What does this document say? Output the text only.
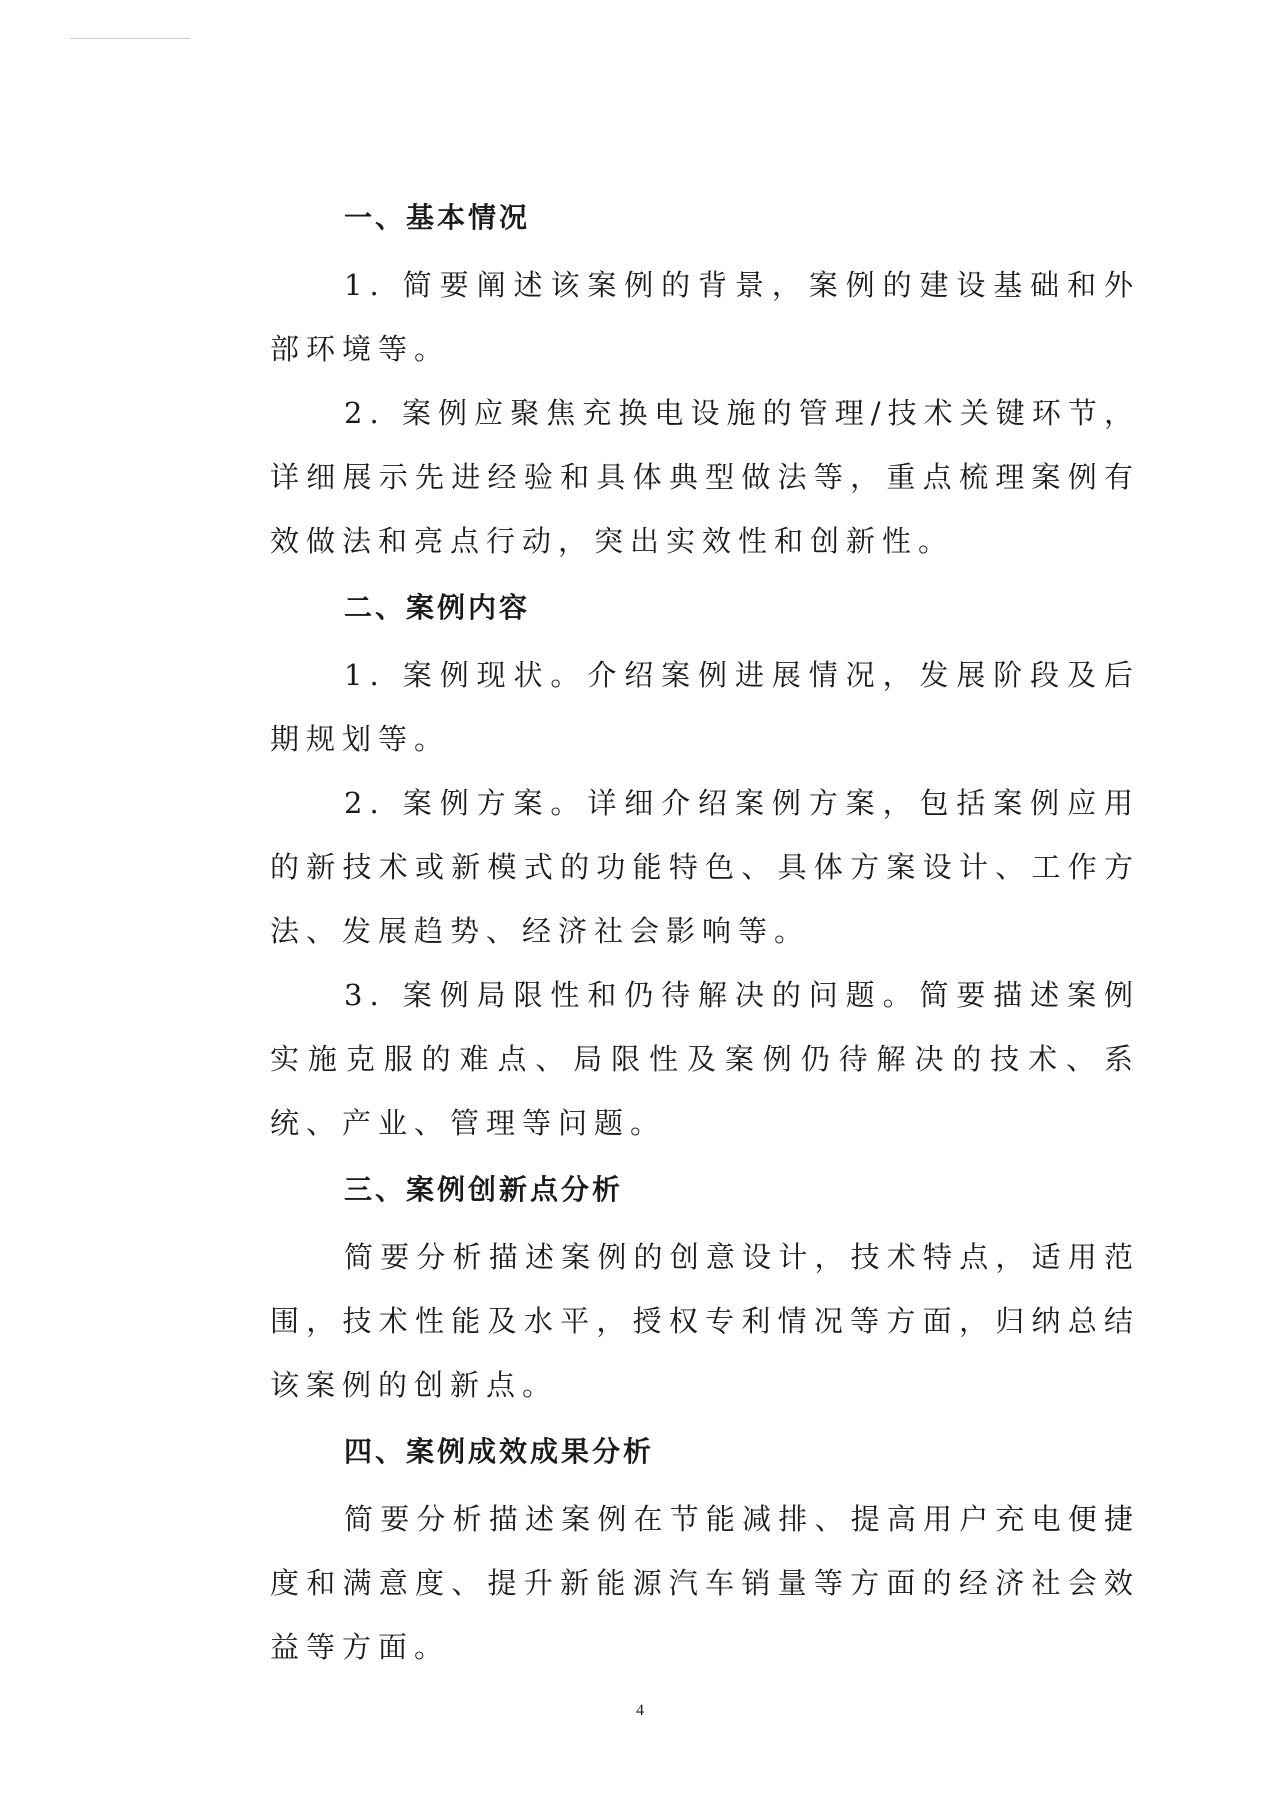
一、基本情况

1. 简要阐述该案例的背景，案例的建设基础和外部环境等。

2. 案例应聚焦充换电设施的管理/技术关键环节，详细展示先进经验和具体典型做法等，重点梳理案例有效做法和亮点行动，突出实效性和创新性。

二、案例内容

1. 案例现状。介绍案例进展情况，发展阶段及后期规划等。

2. 案例方案。详细介绍案例方案，包括案例应用的新技术或新模式的功能特色、具体方案设计、工作方法、发展趋势、经济社会影响等。

3. 案例局限性和仍待解决的问题。简要描述案例实施克服的难点、局限性及案例仍待解决的技术、系统、产业、管理等问题。

三、案例创新点分析

简要分析描述案例的创意设计，技术特点，适用范围，技术性能及水平，授权专利情况等方面，归纳总结该案例的创新点。

四、案例成效成果分析

简要分析描述案例在节能减排、提高用户充电便捷度和满意度、提升新能源汽车销量等方面的经济社会效益等方面。

4
